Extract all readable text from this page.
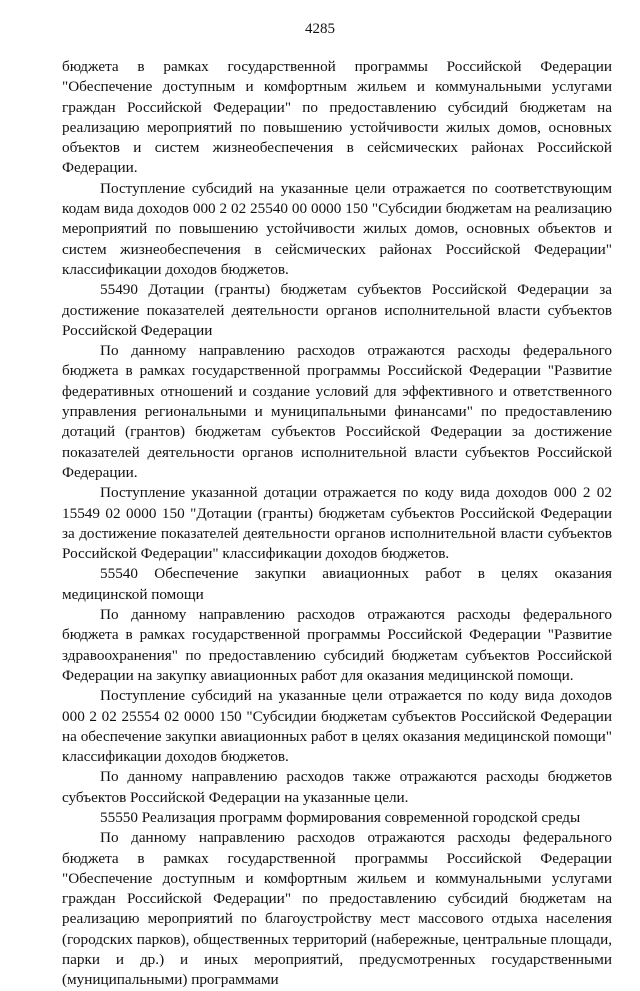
4285

бюджета в рамках государственной программы Российской Федерации "Обеспечение доступным и комфортным жильем и коммунальными услугами граждан Российской Федерации" по предоставлению субсидий бюджетам на реализацию мероприятий по повышению устойчивости жилых домов, основных объектов и систем жизнеобеспечения в сейсмических районах Российской Федерации.

Поступление субсидий на указанные цели отражается по соответствующим кодам вида доходов 000 2 02 25540 00 0000 150 "Субсидии бюджетам на реализацию мероприятий по повышению устойчивости жилых домов, основных объектов и систем жизнеобеспечения в сейсмических районах Российской Федерации" классификации доходов бюджетов.

55490 Дотации (гранты) бюджетам субъектов Российской Федерации за достижение показателей деятельности органов исполнительной власти субъектов Российской Федерации

По данному направлению расходов отражаются расходы федерального бюджета в рамках государственной программы Российской Федерации "Развитие федеративных отношений и создание условий для эффективного и ответственного управления региональными и муниципальными финансами" по предоставлению дотаций (грантов) бюджетам субъектов Российской Федерации за достижение показателей деятельности органов исполнительной власти субъектов Российской Федерации.

Поступление указанной дотации отражается по коду вида доходов 000 2 02 15549 02 0000 150 "Дотации (гранты) бюджетам субъектов Российской Федерации за достижение показателей деятельности органов исполнительной власти субъектов Российской Федерации" классификации доходов бюджетов.

55540 Обеспечение закупки авиационных работ в целях оказания медицинской помощи

По данному направлению расходов отражаются расходы федерального бюджета в рамках государственной программы Российской Федерации "Развитие здравоохранения" по предоставлению субсидий бюджетам субъектов Российской Федерации на закупку авиационных работ для оказания медицинской помощи.

Поступление субсидий на указанные цели отражается по коду вида доходов 000 2 02 25554 02 0000 150 "Субсидии бюджетам субъектов Российской Федерации на обеспечение закупки авиационных работ в целях оказания медицинской помощи" классификации доходов бюджетов.

По данному направлению расходов также отражаются расходы бюджетов субъектов Российской Федерации на указанные цели.

55550 Реализация программ формирования современной городской среды

По данному направлению расходов отражаются расходы федерального бюджета в рамках государственной программы Российской Федерации "Обеспечение доступным и комфортным жильем и коммунальными услугами граждан Российской Федерации" по предоставлению субсидий бюджетам на реализацию мероприятий по благоустройству мест массового отдыха населения (городских парков), общественных территорий (набережные, центральные площади, парки и др.) и иных мероприятий, предусмотренных государственными (муниципальными) программами
